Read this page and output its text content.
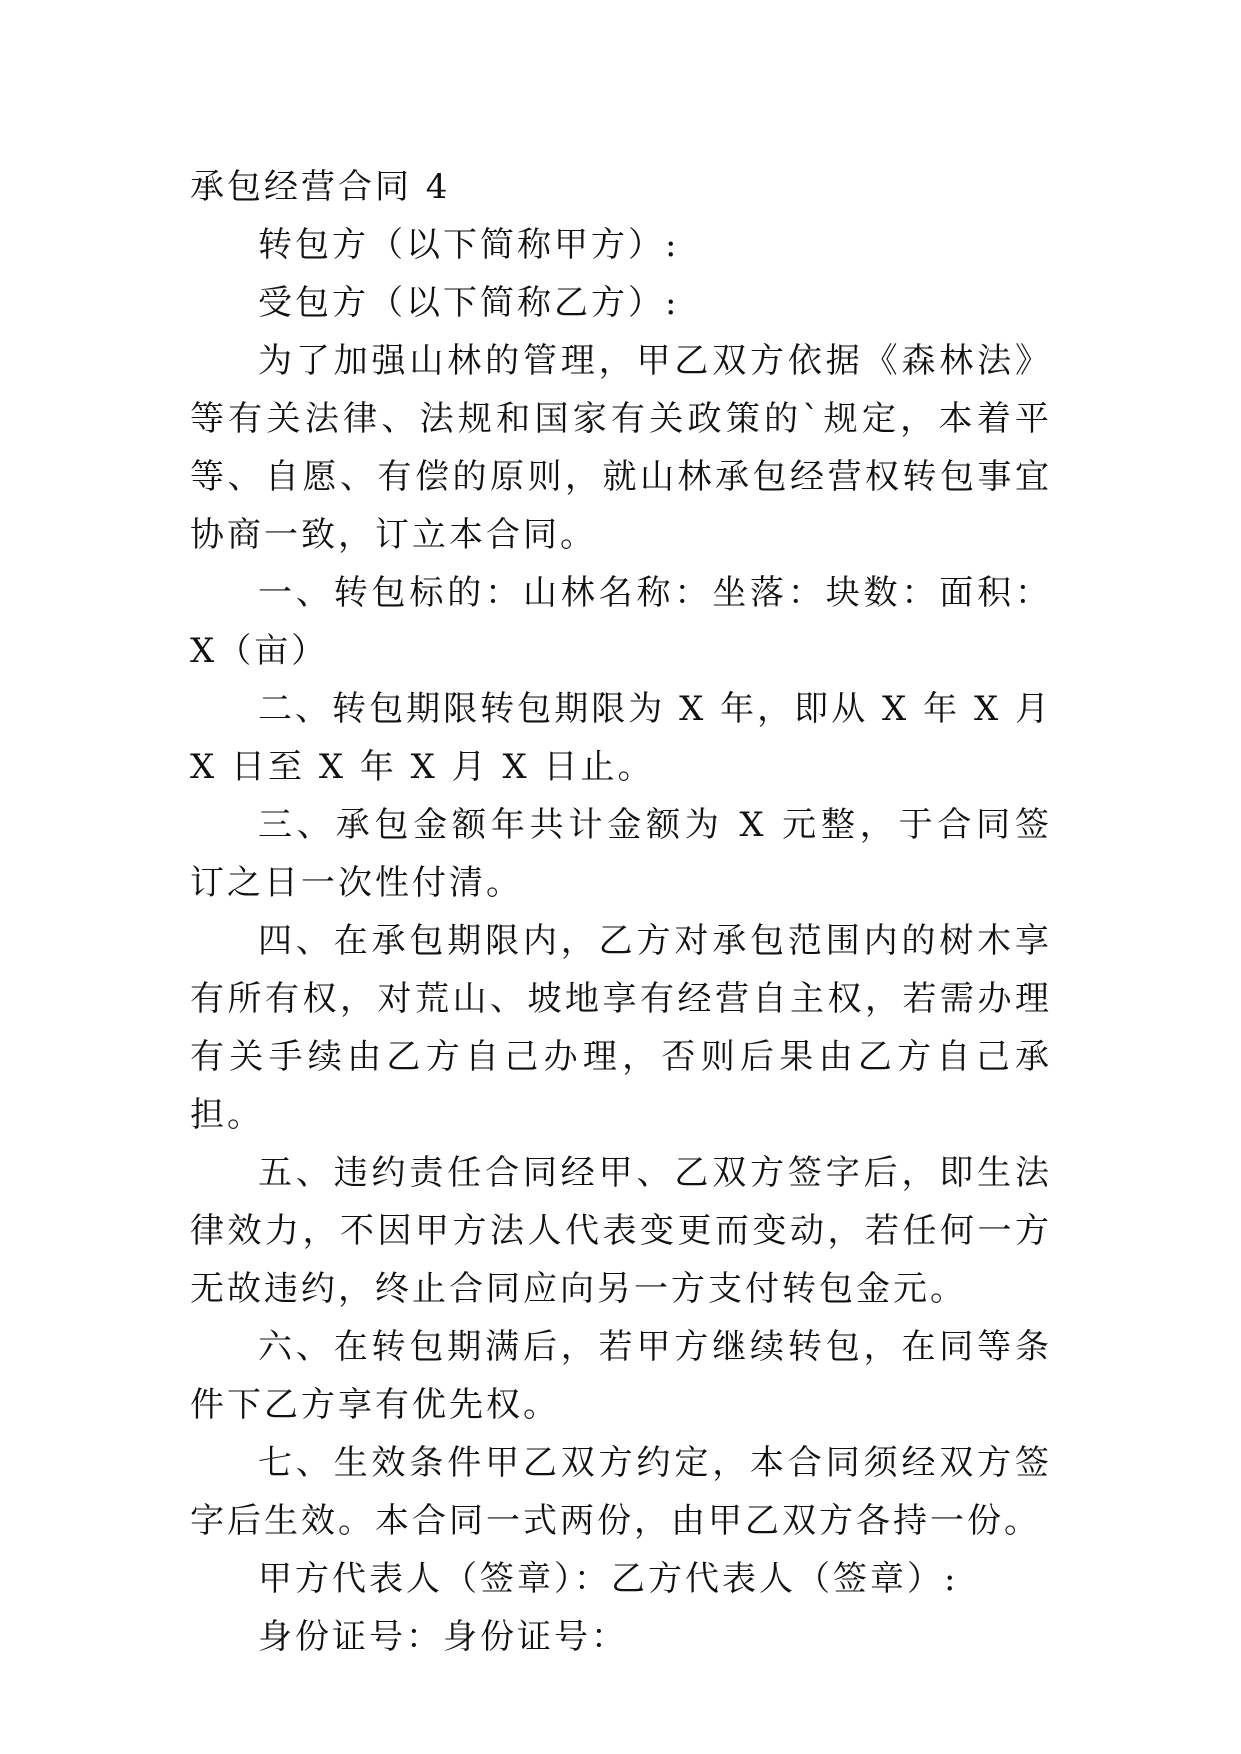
承包经营合同 4

转包方（以下简称甲方）:

受包方（以下简称乙方）:

为了加强山林的管理，甲乙双方依据《森林法》等有关法律、法规和国家有关政策的`规定，本着平等、自愿、有偿的原则，就山林承包经营权转包事宜协商一致，订立本合同。

一、转包标的：山林名称：坐落：块数：面积：X（亩）

二、转包期限转包期限为 X 年，即从 X 年 X 月 X 日至 X 年 X 月 X 日止。

三、承包金额年共计金额为 X 元整，于合同签订之日一次性付清。

四、在承包期限内，乙方对承包范围内的树木享有所有权，对荒山、坡地享有经营自主权，若需办理有关手续由乙方自己办理，否则后果由乙方自己承担。

五、违约责任合同经甲、乙双方签字后，即生法律效力，不因甲方法人代表变更而变动，若任何一方无故违约，终止合同应向另一方支付转包金元。

六、在转包期满后，若甲方继续转包，在同等条件下乙方享有优先权。

七、生效条件甲乙双方约定，本合同须经双方签字后生效。本合同一式两份，由甲乙双方各持一份。

甲方代表人（签章）：乙方代表人（签章）:

身份证号：身份证号：
